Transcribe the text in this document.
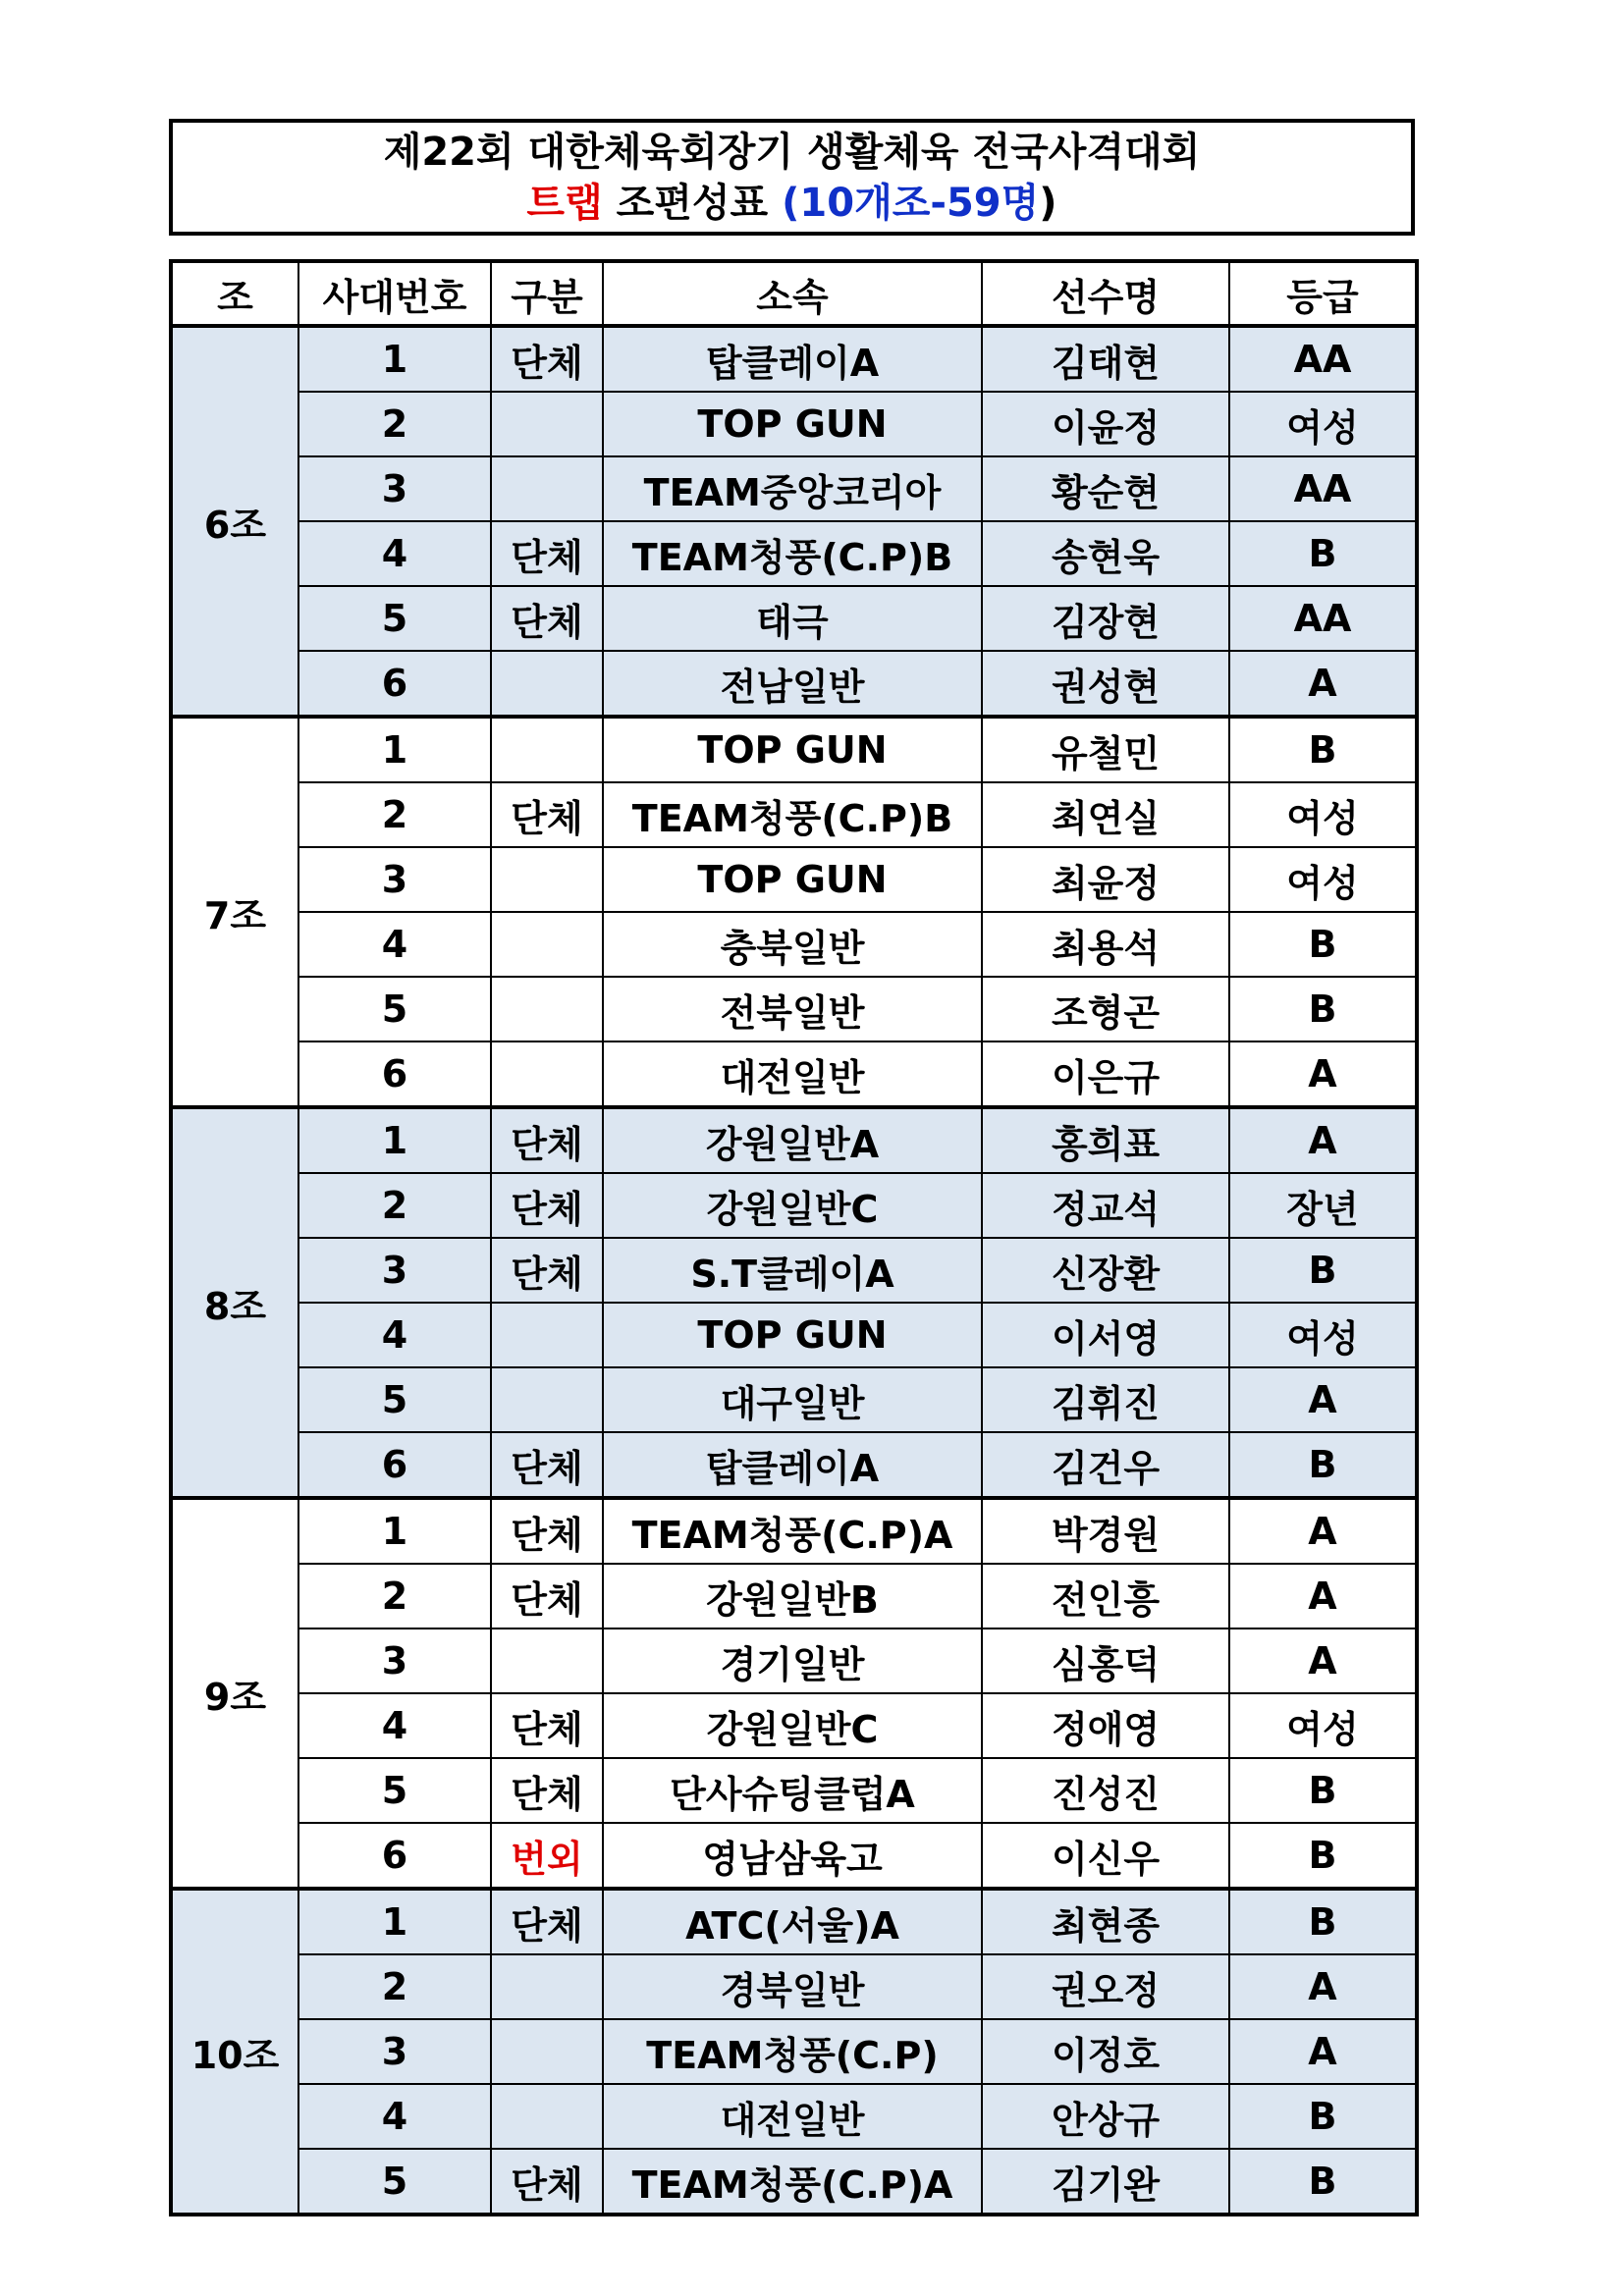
제22회 대한체육회장기 생활체육 전국사격대회
트랩 조편성표 (10개조-59명)
조	사대번호	구분	소속	선수명	등급
6조	1	단체	탑클레이A	김태현	AA
	2		TOP GUN	이윤정	여성
	3		TEAM중앙코리아	황순현	AA
	4	단체	TEAM청풍(C.P)B	송현욱	B
	5	단체	태극	김장현	AA
	6		전남일반	권성현	A
7조	1		TOP GUN	유철민	B
	2	단체	TEAM청풍(C.P)B	최연실	여성
	3		TOP GUN	최윤정	여성
	4		충북일반	최용석	B
	5		전북일반	조형곤	B
	6		대전일반	이은규	A
8조	1	단체	강원일반A	홍희표	A
	2	단체	강원일반C	정교석	장년
	3	단체	S.T클레이A	신장환	B
	4		TOP GUN	이서영	여성
	5		대구일반	김휘진	A
	6	단체	탑클레이A	김건우	B
9조	1	단체	TEAM청풍(C.P)A	박경원	A
	2	단체	강원일반B	전인흥	A
	3		경기일반	심홍덕	A
	4	단체	강원일반C	정애영	여성
	5	단체	단사슈팅클럽A	진성진	B
	6	번외	영남삼육고	이신우	B
10조	1	단체	ATC(서울)A	최현종	B
	2		경북일반	권오정	A
	3		TEAM청풍(C.P)	이정호	A
	4		대전일반	안상규	B
	5	단체	TEAM청풍(C.P)A	김기완	B
